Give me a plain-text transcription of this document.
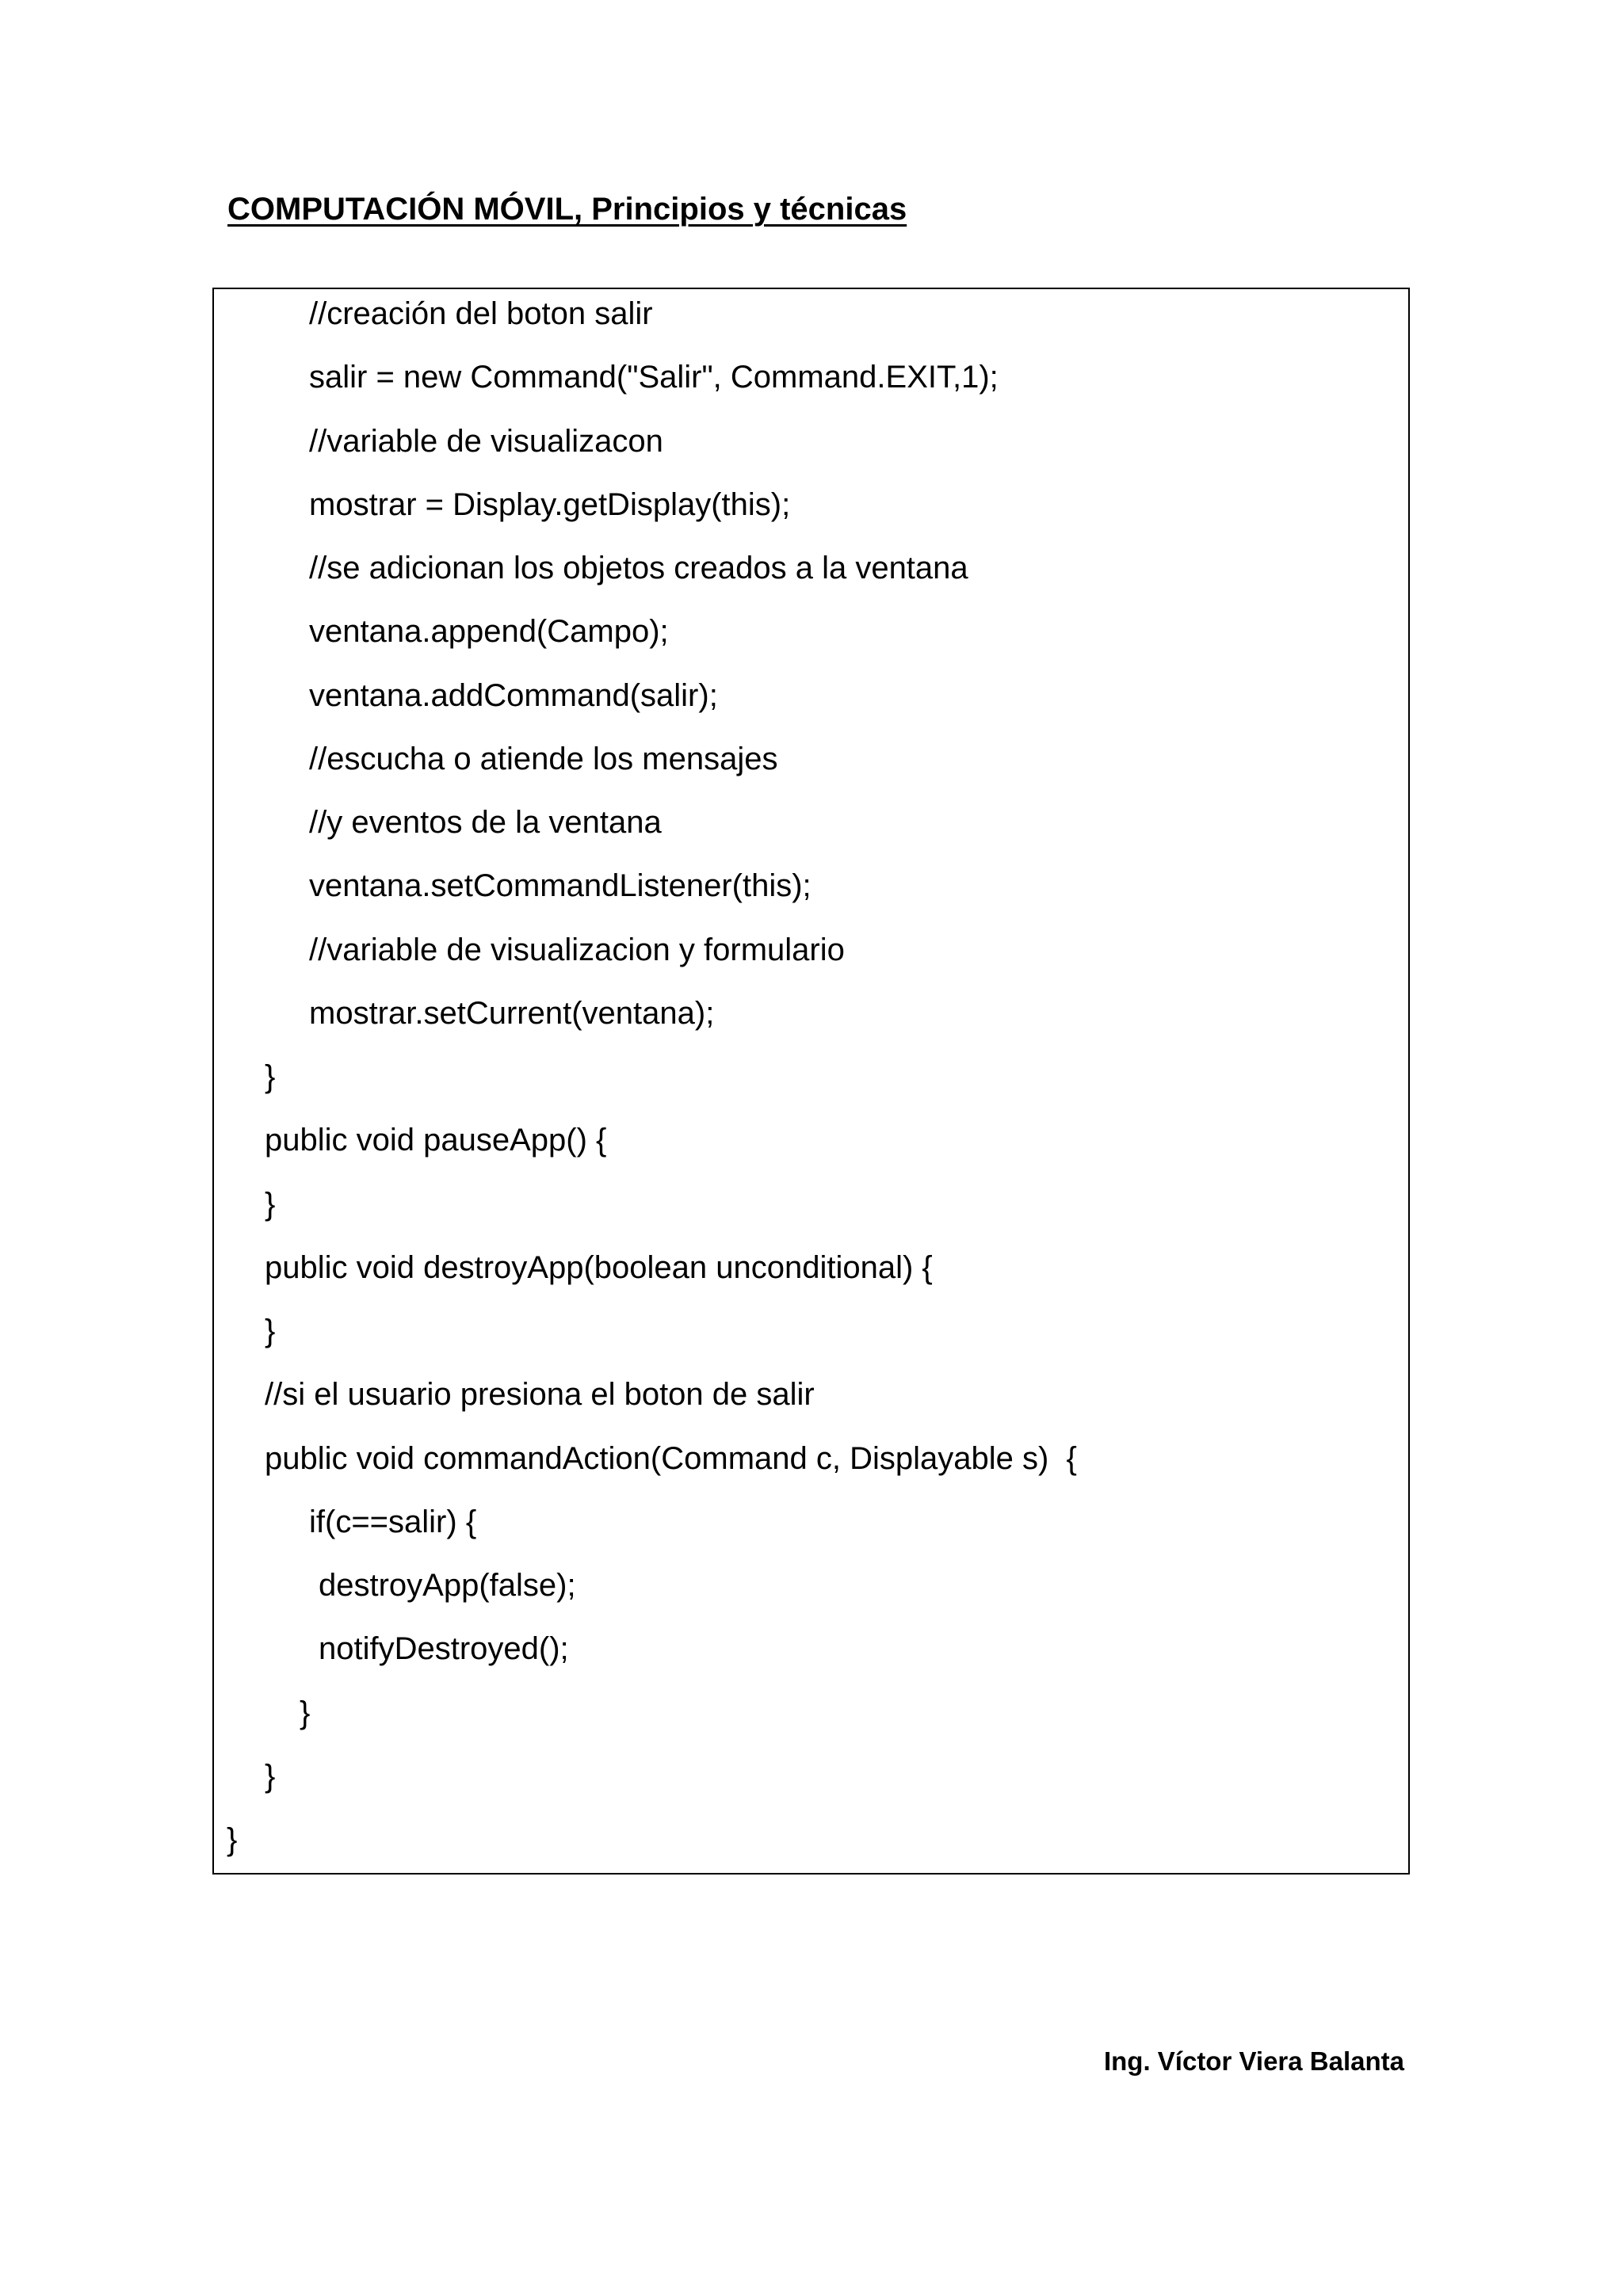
COMPUTACIÓN MÓVIL, Principios y técnicas
//creación del boton salir
salir = new Command("Salir", Command.EXIT,1);
//variable de visualizacon
mostrar = Display.getDisplay(this);
//se adicionan los objetos creados a la ventana
ventana.append(Campo);
ventana.addCommand(salir);
//escucha o atiende los mensajes
//y eventos de la ventana
ventana.setCommandListener(this);
//variable de visualizacion y formulario
mostrar.setCurrent(ventana);
}
public void pauseApp() {
}
public void destroyApp(boolean unconditional) {
}
//si el usuario presiona el boton de salir
public void commandAction(Command c, Displayable s)  {
if(c==salir) {
destroyApp(false);
notifyDestroyed();
}
}
}
Ing. Víctor Viera Balanta
